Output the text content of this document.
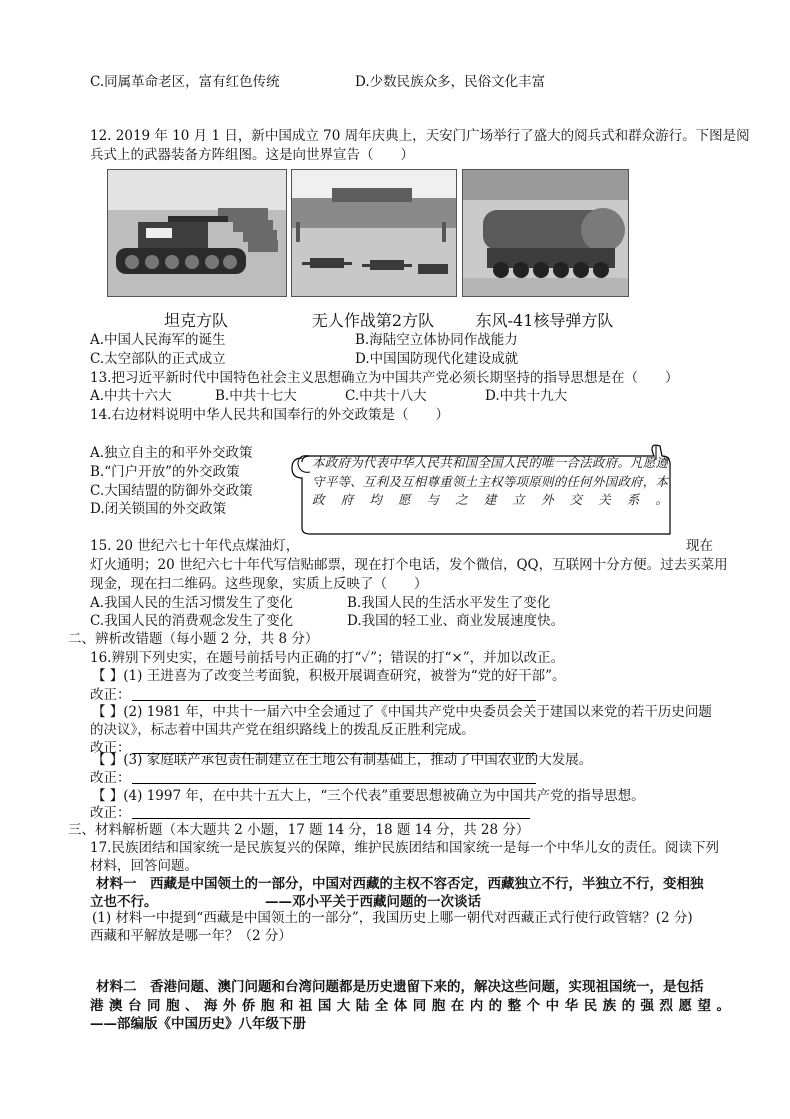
C.同属革命老区，富有红色传统	D.少数民族众多，民俗文化丰富
12. 2019 年 10 月 1 日，新中国成立 70 周年庆典上，天安门广场举行了盛大的阅兵式和群众游行。下图是阅
兵式上的武器装备方阵组图。这是向世界宣告（　　）
坦克方队	无人作战第2方队	东风-41核导弹方队
A.中国人民海军的诞生	B.海陆空立体协同作战能力
C.太空部队的正式成立	D.中国国防现代化建设成就
13.把习近平新时代中国特色社会主义思想确立为中国共产党必须长期坚持的指导思想是在（　　）
A.中共十六大	B.中共十七大	C.中共十八大	D.中共十九大
14.右边材料说明中华人民共和国奉行的外交政策是（　　）
A.独立自主的和平外交政策
B.“门户开放”的外交政策
C.大国结盟的防御外交政策
D.闭关锁国的外交政策
本政府为代表中华人民共和国全国人民的唯一合法政府。凡愿遵守平等、互利及互相尊重领土主权等项原则的任何外国政府，本政府均愿与之建立外交关系。
15. 20 世纪六七十年代点煤油灯，	现在
灯火通明；20 世纪六七十年代写信贴邮票，现在打个电话，发个微信，QQ，互联网十分方便。过去买菜用
现金，现在扫二维码。这些现象，实质上反映了（　　）
A.我国人民的生活习惯发生了变化	B.我国人民的生活水平发生了变化
C.我国人民的消费观念发生了变化	D.我国的轻工业、商业发展速度快。
二、辨析改错题（每小题 2 分，共 8 分）
16.辨别下列史实，在题号前括号内正确的打“✓”；错误的打“×”，并加以改正。
【 】(1) 王进喜为了改变兰考面貌，积极开展调查研究，被誉为“党的好干部”。
改正：
【 】(2) 1981 年，中共十一届六中全会通过了《中国共产党中央委员会关于建国以来党的若干历史问题
的决议》，标志着中国共产党在组织路线上的拨乱反正胜利完成。
改正：
【 】(3) 家庭联产承包责任制建立在土地公有制基础上，推动了中国农业的大发展。
改正：
【 】(4) 1997 年，在中共十五大上，“三个代表”重要思想被确立为中国共产党的指导思想。
改正：
三、材料解析题（本大题共 2 小题，17 题 14 分，18 题 14 分，共 28 分）
17.民族团结和国家统一是民族复兴的保障，维护民族团结和国家统一是每一个中华儿女的责任。阅读下列
材料，回答问题。
材料一　西藏是中国领土的一部分，中国对西藏的主权不容否定，西藏独立不行，半独立不行，变相独
立也不行。	——邓小平关于西藏问题的一次谈话
(1) 材料一中提到“西藏是中国领土的一部分”，我国历史上哪一朝代对西藏正式行使行政管辖？(2 分)
西藏和平解放是哪一年？（2 分）
材料二　香港问题、澳门问题和台湾问题都是历史遗留下来的，解决这些问题，实现祖国统一，是包括
港澳台同胞、海外侨胞和祖国大陆全体同胞在内的整个中华民族的强烈愿望。
——部编版《中国历史》八年级下册
